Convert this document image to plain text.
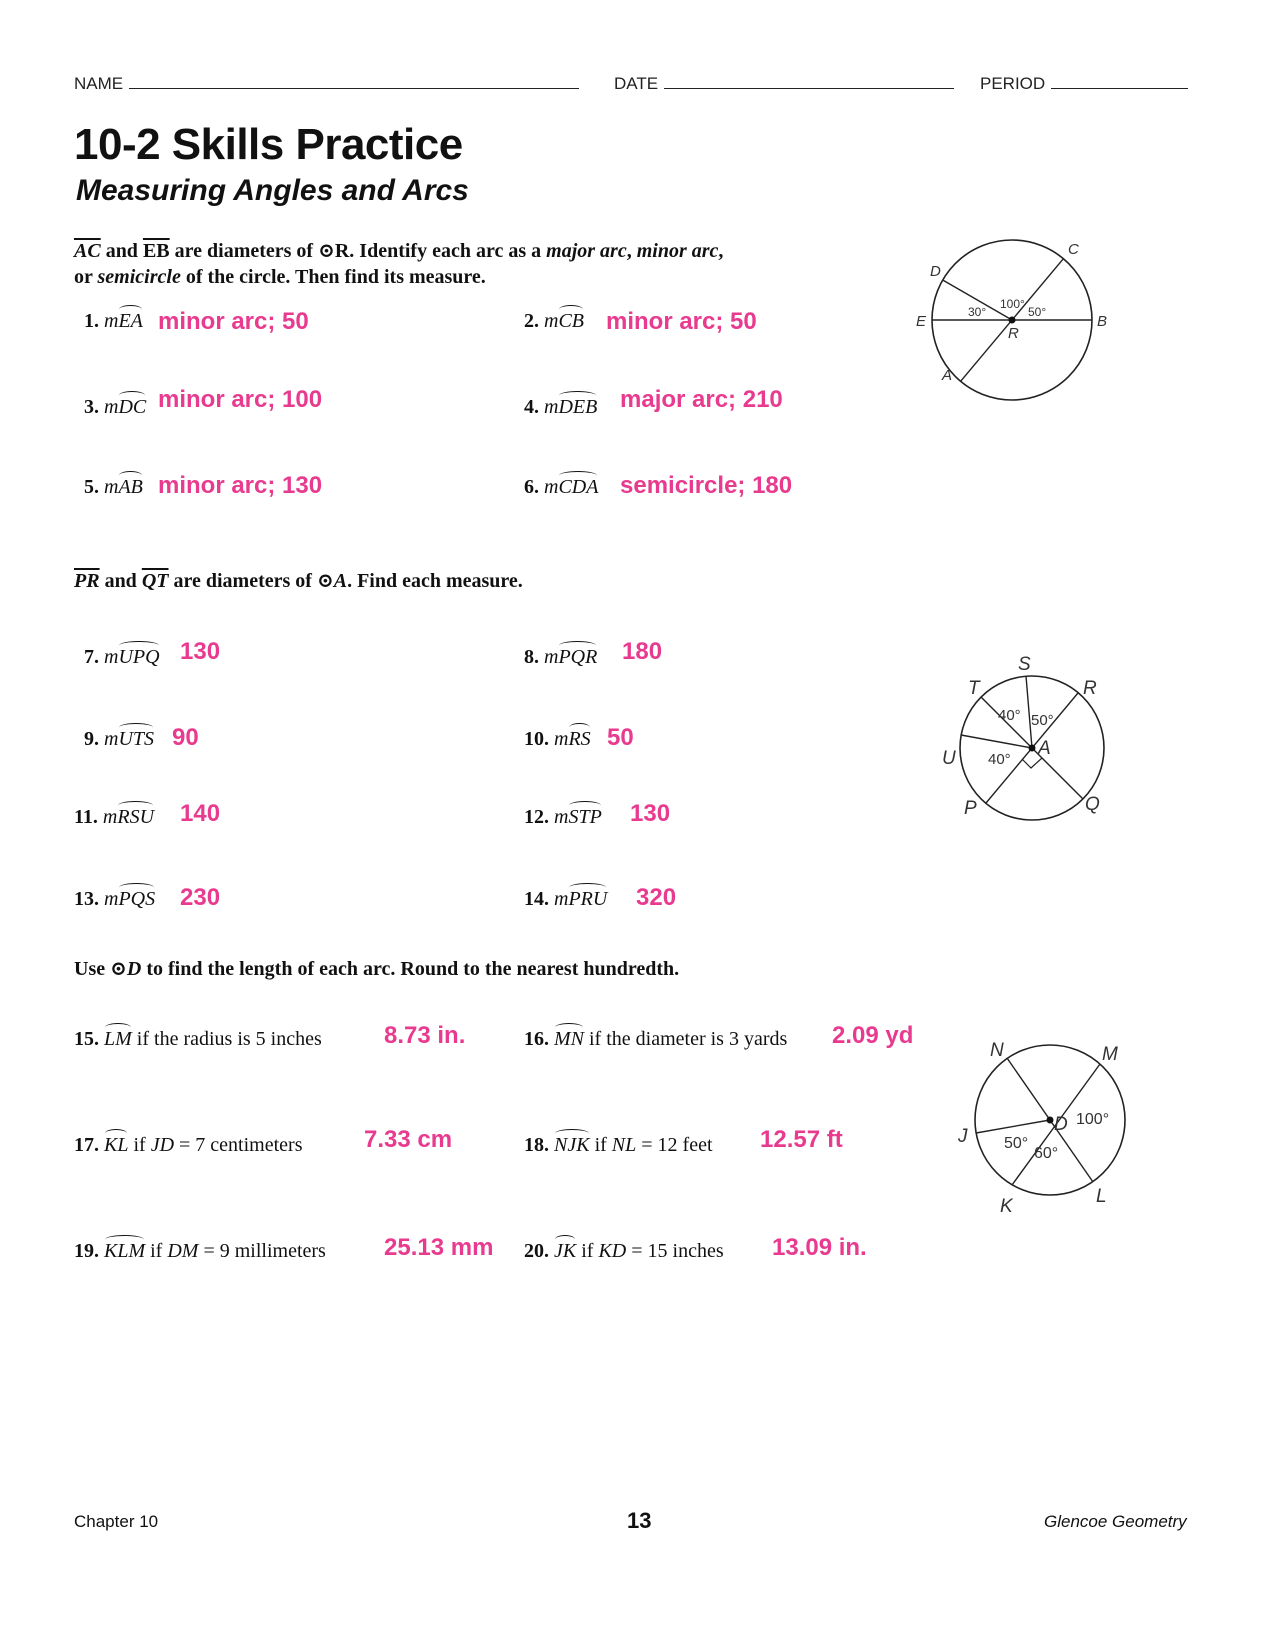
NAME	DATE	PERIOD
10-2 Skills Practice
Measuring Angles and Arcs
$\overline{AC}$ and $\overline{EB}$ are diameters of ⊙R. Identify each arc as a major arc, minor arc,
or semicircle of the circle. Then find its measure.
1. mEA minor arc; 50	2. mCB minor arc; 50
3. mDC minor arc; 100	4. mDEB major arc; 210
5. mAB minor arc; 130	6. mCDA semicircle; 180
C
D
E	B
R
A
30°
100°
50°
$\overline{PR}$ and $\overline{QT}$ are diameters of ⊙A. Find each measure.
7. mUPQ 130	8. mPQR 180
9. mUTS 90	10. mRS 50
11. mRSU 140	12. mSTP 130
13. mPQS 230	14. mPRU 320
S
T	R
U	A
P	Q
40° 50°
40°
Use ⊙D to find the length of each arc. Round to the nearest hundredth.
15. LM if the radius is 5 inches	8.73 in.	16. MN if the diameter is 3 yards 2.09 yd
17. KL if JD = 7 centimeters	7.33 cm	18. NJK if NL = 12 feet 12.57 ft
19. KLM if DM = 9 millimeters 25.13 mm 20. JK if KD = 15 inches 13.09 in.
N	M
D
J
K	L
100°
50°
60°
Chapter 10	13	Glencoe Geometry
